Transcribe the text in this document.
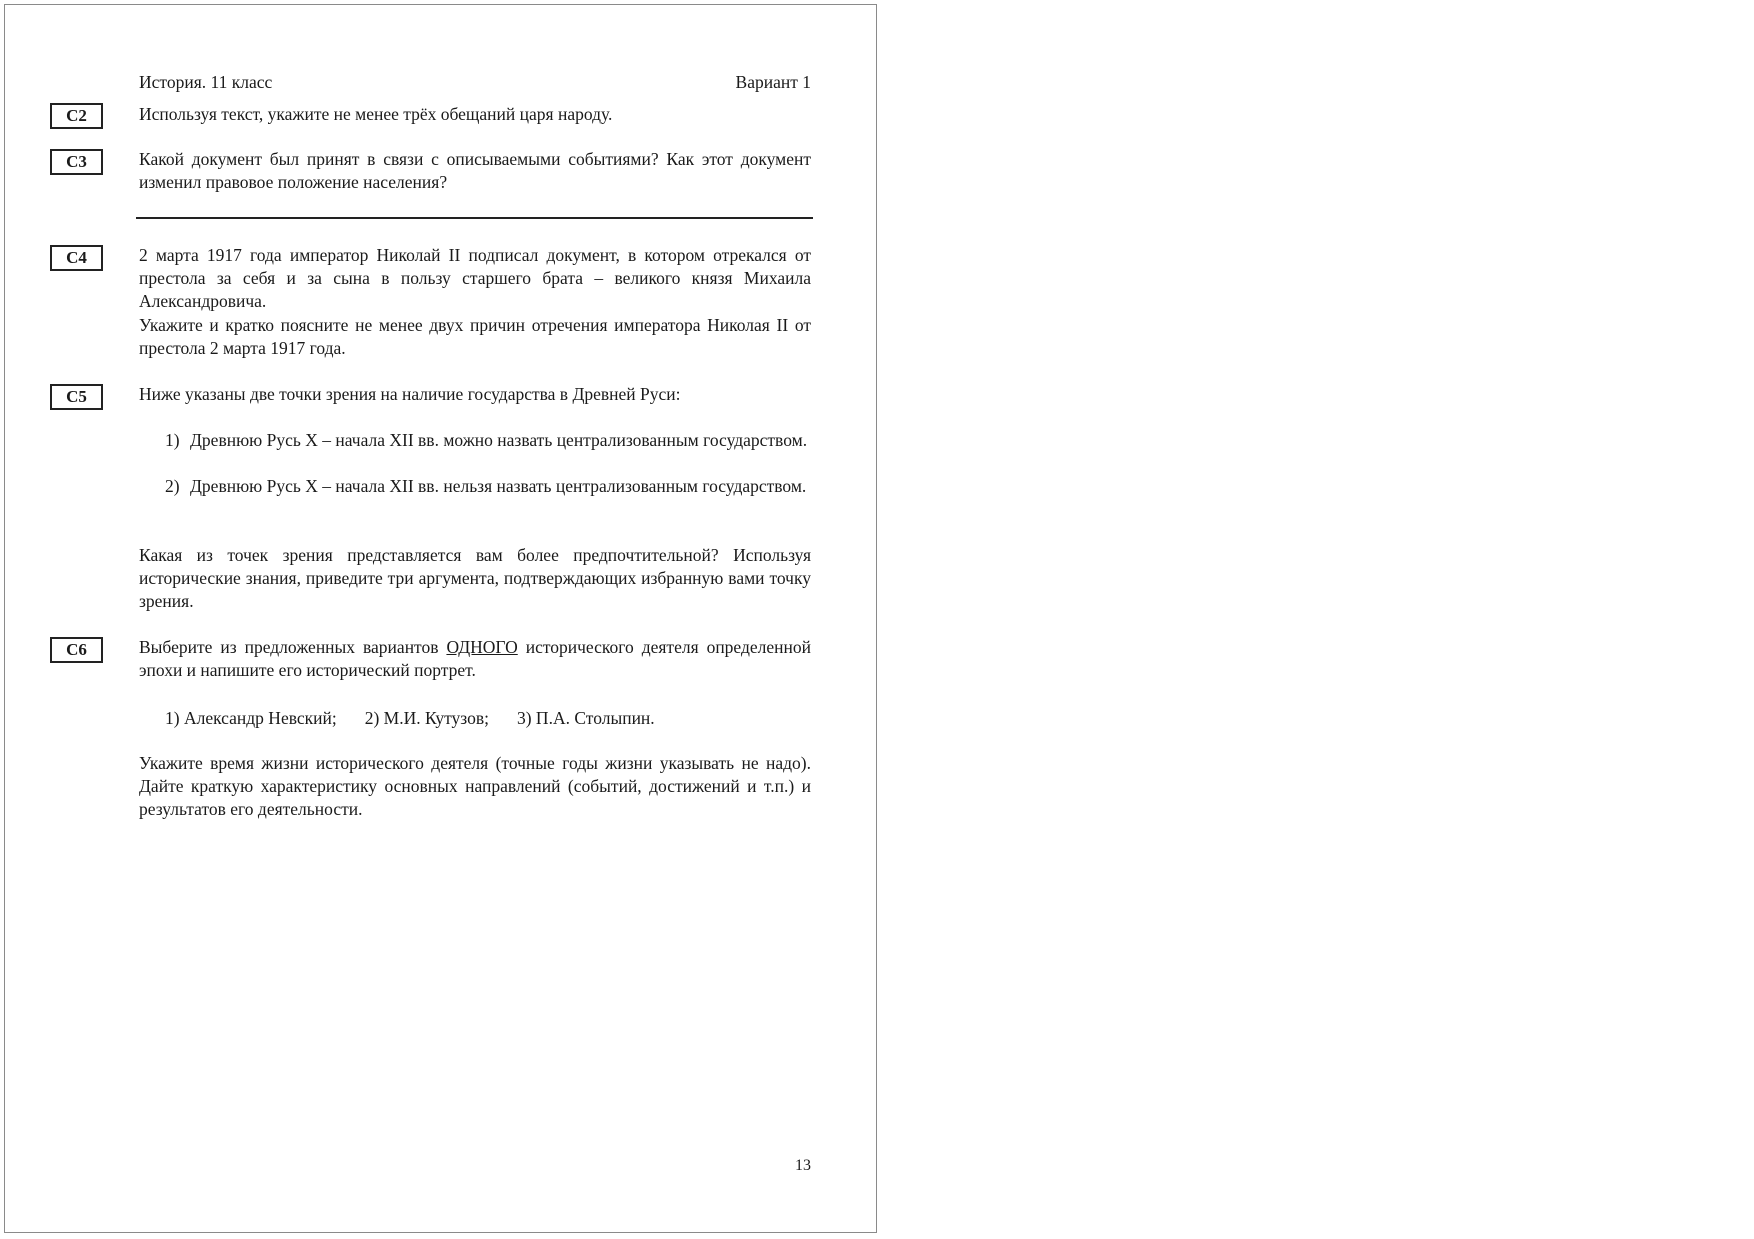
История. 11 класс	Вариант 1
C2	Используя текст, укажите не менее трёх обещаний царя народу.
C3	Какой документ был принят в связи с описываемыми событиями? Как этот документ изменил правовое положение населения?
C4	2 марта 1917 года император Николай II подписал документ, в котором отрекался от престола за себя и за сына в пользу старшего брата – великого князя Михаила Александровича.
Укажите и кратко поясните не менее двух причин отречения императора Николая II от престола 2 марта 1917 года.
C5	Ниже указаны две точки зрения на наличие государства в Древней Руси:
1) Древнюю Русь X – начала XII вв. можно назвать централизованным государством.
2) Древнюю Русь X – начала XII вв. нельзя назвать централизованным государством.
Какая из точек зрения представляется вам более предпочтительной? Используя исторические знания, приведите три аргумента, подтверждающих избранную вами точку зрения.
C6	Выберите из предложенных вариантов ОДНОГО исторического деятеля определенной эпохи и напишите его исторический портрет.
1) Александр Невский; 2) М.И. Кутузов; 3) П.А. Столыпин.
Укажите время жизни исторического деятеля (точные годы жизни указывать не надо). Дайте краткую характеристику основных направлений (событий, достижений и т.п.) и результатов его деятельности.
13
